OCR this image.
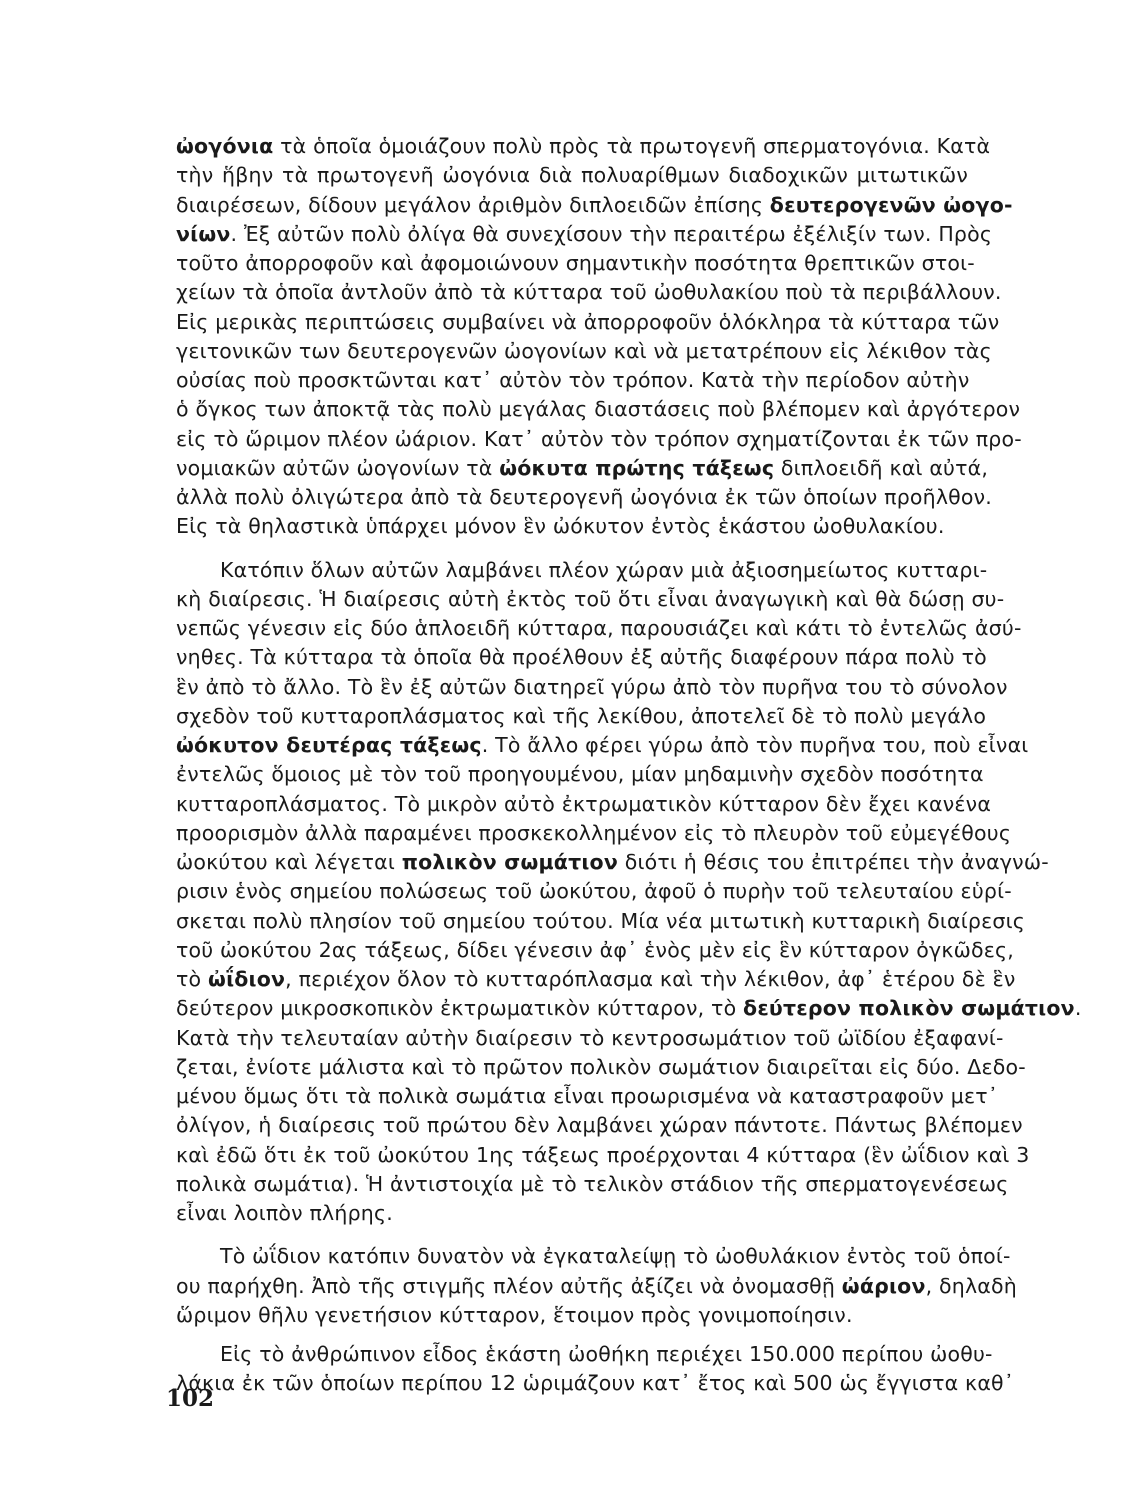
ὠογόνια τὰ ὁποῖα ὁμοιάζουν πολὺ πρὸς τὰ πρωτογενῆ σπερματογόνια. Κατὰ
τὴν ἥβην τὰ πρωτογενῆ ὠογόνια διὰ πολυαρίθμων διαδοχικῶν μιτωτικῶν
διαιρέσεων, δίδουν μεγάλον ἀριθμὸν διπλοειδῶν ἐπίσης δευτερογενῶν ὠογο-
νίων. Ἐξ αὐτῶν πολὺ ὀλίγα θὰ συνεχίσουν τὴν περαιτέρω ἐξέλιξίν των. Πρὸς
τοῦτο ἀπορροφοῦν καὶ ἀφομοιώνουν σημαντικὴν ποσότητα θρεπτικῶν στοι-
χείων τὰ ὁποῖα ἀντλοῦν ἀπὸ τὰ κύτταρα τοῦ ὠοθυλακίου ποὺ τὰ περιβάλλουν.
Εἰς μερικὰς περιπτώσεις συμβαίνει νὰ ἀπορροφοῦν ὁλόκληρα τὰ κύτταρα τῶν
γειτονικῶν των δευτερογενῶν ὠογονίων καὶ νὰ μετατρέπουν εἰς λέκιθον τὰς
οὐσίας ποὺ προσκτῶνται κατ᾽ αὐτὸν τὸν τρόπον. Κατὰ τὴν περίοδον αὐτὴν
ὁ ὄγκος των ἀποκτᾷ τὰς πολὺ μεγάλας διαστάσεις ποὺ βλέπομεν καὶ ἀργότερον
εἰς τὸ ὥριμον πλέον ὠάριον. Κατ᾽ αὐτὸν τὸν τρόπον σχηματίζονται ἐκ τῶν προ-
νομιακῶν αὐτῶν ὠογονίων τὰ ὠόκυτα πρώτης τάξεως διπλοειδῆ καὶ αὐτά,
ἀλλὰ πολὺ ὀλιγώτερα ἀπὸ τὰ δευτερογενῆ ὠογόνια ἐκ τῶν ὁποίων προῆλθον.
Εἰς τὰ θηλαστικὰ ὑπάρχει μόνον ἓν ὠόκυτον ἐντὸς ἑκάστου ὠοθυλακίου.
Κατόπιν ὅλων αὐτῶν λαμβάνει πλέον χώραν μιὰ ἀξιοσημείωτος κυτταρι-
κὴ διαίρεσις. Ἡ διαίρεσις αὐτὴ ἐκτὸς τοῦ ὅτι εἶναι ἀναγωγικὴ καὶ θὰ δώσῃ συ-
νεπῶς γένεσιν εἰς δύο ἁπλοειδῆ κύτταρα, παρουσιάζει καὶ κάτι τὸ ἐντελῶς ἀσύ-
νηθες. Τὰ κύτταρα τὰ ὁποῖα θὰ προέλθουν ἐξ αὐτῆς διαφέρουν πάρα πολὺ τὸ
ἓν ἀπὸ τὸ ἄλλο. Τὸ ἓν ἐξ αὐτῶν διατηρεῖ γύρω ἀπὸ τὸν πυρῆνα του τὸ σύνολον
σχεδὸν τοῦ κυτταροπλάσματος καὶ τῆς λεκίθου, ἀποτελεῖ δὲ τὸ πολὺ μεγάλο
ὠόκυτον δευτέρας τάξεως. Τὸ ἄλλο φέρει γύρω ἀπὸ τὸν πυρῆνα του, ποὺ εἶναι
ἐντελῶς ὅμοιος μὲ τὸν τοῦ προηγουμένου, μίαν μηδαμινὴν σχεδὸν ποσότητα
κυτταροπλάσματος. Τὸ μικρὸν αὐτὸ ἐκτρωματικὸν κύτταρον δὲν ἔχει κανένα
προορισμὸν ἀλλὰ παραμένει προσκεκολλημένον εἰς τὸ πλευρὸν τοῦ εὐμεγέθους
ὠοκύτου καὶ λέγεται πολικὸν σωμάτιον διότι ἡ θέσις του ἐπιτρέπει τὴν ἀναγνώ-
ρισιν ἑνὸς σημείου πολώσεως τοῦ ὠοκύτου, ἀφοῦ ὁ πυρὴν τοῦ τελευταίου εὑρί-
σκεται πολὺ πλησίον τοῦ σημείου τούτου. Μία νέα μιτωτικὴ κυτταρικὴ διαίρεσις
τοῦ ὠοκύτου 2ας τάξεως, δίδει γένεσιν ἀφ᾽ ἑνὸς μὲν εἰς ἓν κύτταρον ὀγκῶδες,
τὸ ὠΐδιον, περιέχον ὅλον τὸ κυτταρόπλασμα καὶ τὴν λέκιθον, ἀφ᾽ ἑτέρου δὲ ἓν
δεύτερον μικροσκοπικὸν ἐκτρωματικὸν κύτταρον, τὸ δεύτερον πολικὸν σωμάτιον.
Κατὰ τὴν τελευταίαν αὐτὴν διαίρεσιν τὸ κεντροσωμάτιον τοῦ ὠϊδίου ἐξαφανί-
ζεται, ἐνίοτε μάλιστα καὶ τὸ πρῶτον πολικὸν σωμάτιον διαιρεῖται εἰς δύο. Δεδο-
μένου ὅμως ὅτι τὰ πολικὰ σωμάτια εἶναι προωρισμένα νὰ καταστραφοῦν μετ᾽
ὀλίγον, ἡ διαίρεσις τοῦ πρώτου δὲν λαμβάνει χώραν πάντοτε. Πάντως βλέπομεν
καὶ ἐδῶ ὅτι ἐκ τοῦ ὠοκύτου 1ης τάξεως προέρχονται 4 κύτταρα (ἓν ὠΐδιον καὶ 3
πολικὰ σωμάτια). Ἡ ἀντιστοιχία μὲ τὸ τελικὸν στάδιον τῆς σπερματογενέσεως
εἶναι λοιπὸν πλήρης.
Τὸ ὠΐδιον κατόπιν δυνατὸν νὰ ἐγκαταλείψῃ τὸ ὠοθυλάκιον ἐντὸς τοῦ ὁποί-
ου παρήχθη. Ἀπὸ τῆς στιγμῆς πλέον αὐτῆς ἀξίζει νὰ ὀνομασθῇ ὠάριον, δηλαδὴ
ὥριμον θῆλυ γενετήσιον κύτταρον, ἕτοιμον πρὸς γονιμοποίησιν.
Εἰς τὸ ἀνθρώπινον εἶδος ἑκάστη ὠοθήκη περιέχει 150.000 περίπου ὠοθυ-
λάκια ἐκ τῶν ὁποίων περίπου 12 ὡριμάζουν κατ᾽ ἔτος καὶ 500 ὡς ἔγγιστα καθ᾽
102
